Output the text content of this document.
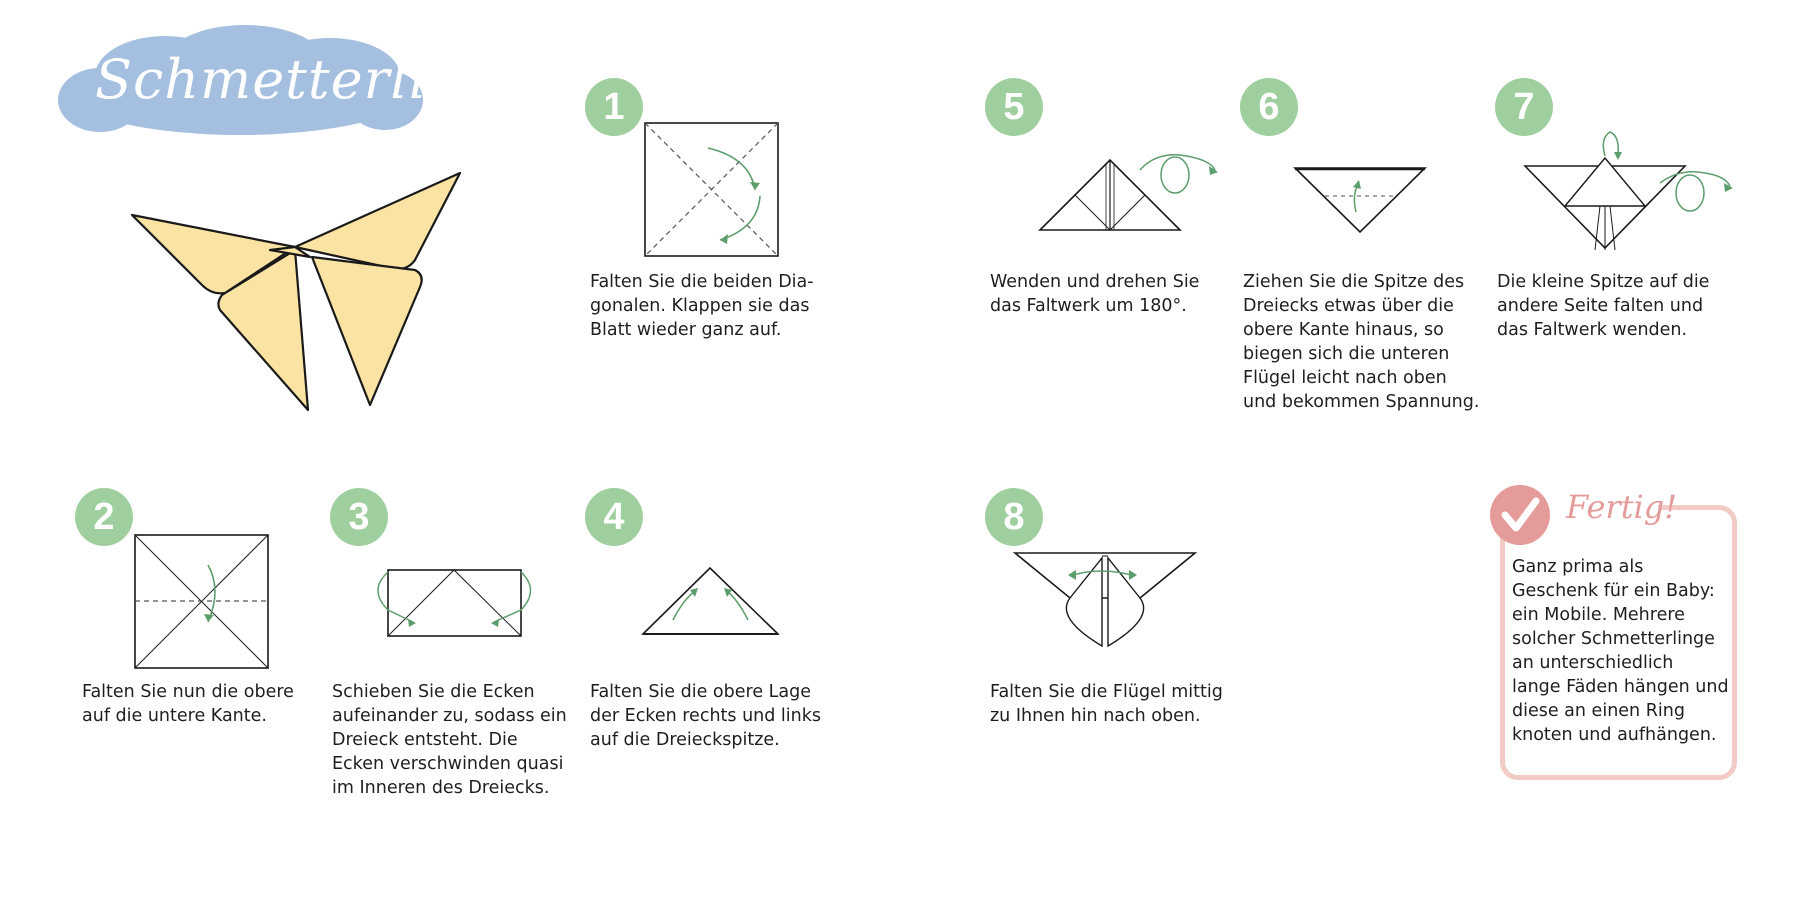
Schmetterling	1
2	3	4
5	6	7
8
Falten Sie die beiden Dia-
gonalen. Klappen sie das
Blatt wieder ganz auf.
Falten Sie nun die obere
auf die untere Kante.
Schieben Sie die Ecken
aufeinander zu, sodass ein
Dreieck entsteht. Die
Ecken verschwinden quasi
im Inneren des Dreiecks.
Falten Sie die obere Lage
der Ecken rechts und links
auf die Dreieckspitze.
Wenden und drehen Sie
das Faltwerk um 180°.
Ziehen Sie die Spitze des
Dreiecks etwas über die
obere Kante hinaus, so
biegen sich die unteren
Flügel leicht nach oben
und bekommen Spannung.
Die kleine Spitze auf die
andere Seite falten und
das Faltwerk wenden.
Falten Sie die Flügel mittig
zu Ihnen hin nach oben.
Fertig!
Ganz prima als
Geschenk für ein Baby:
ein Mobile. Mehrere
solcher Schmetterlinge
an unterschiedlich
lange Fäden hängen und
diese an einen Ring
knoten und aufhängen.
